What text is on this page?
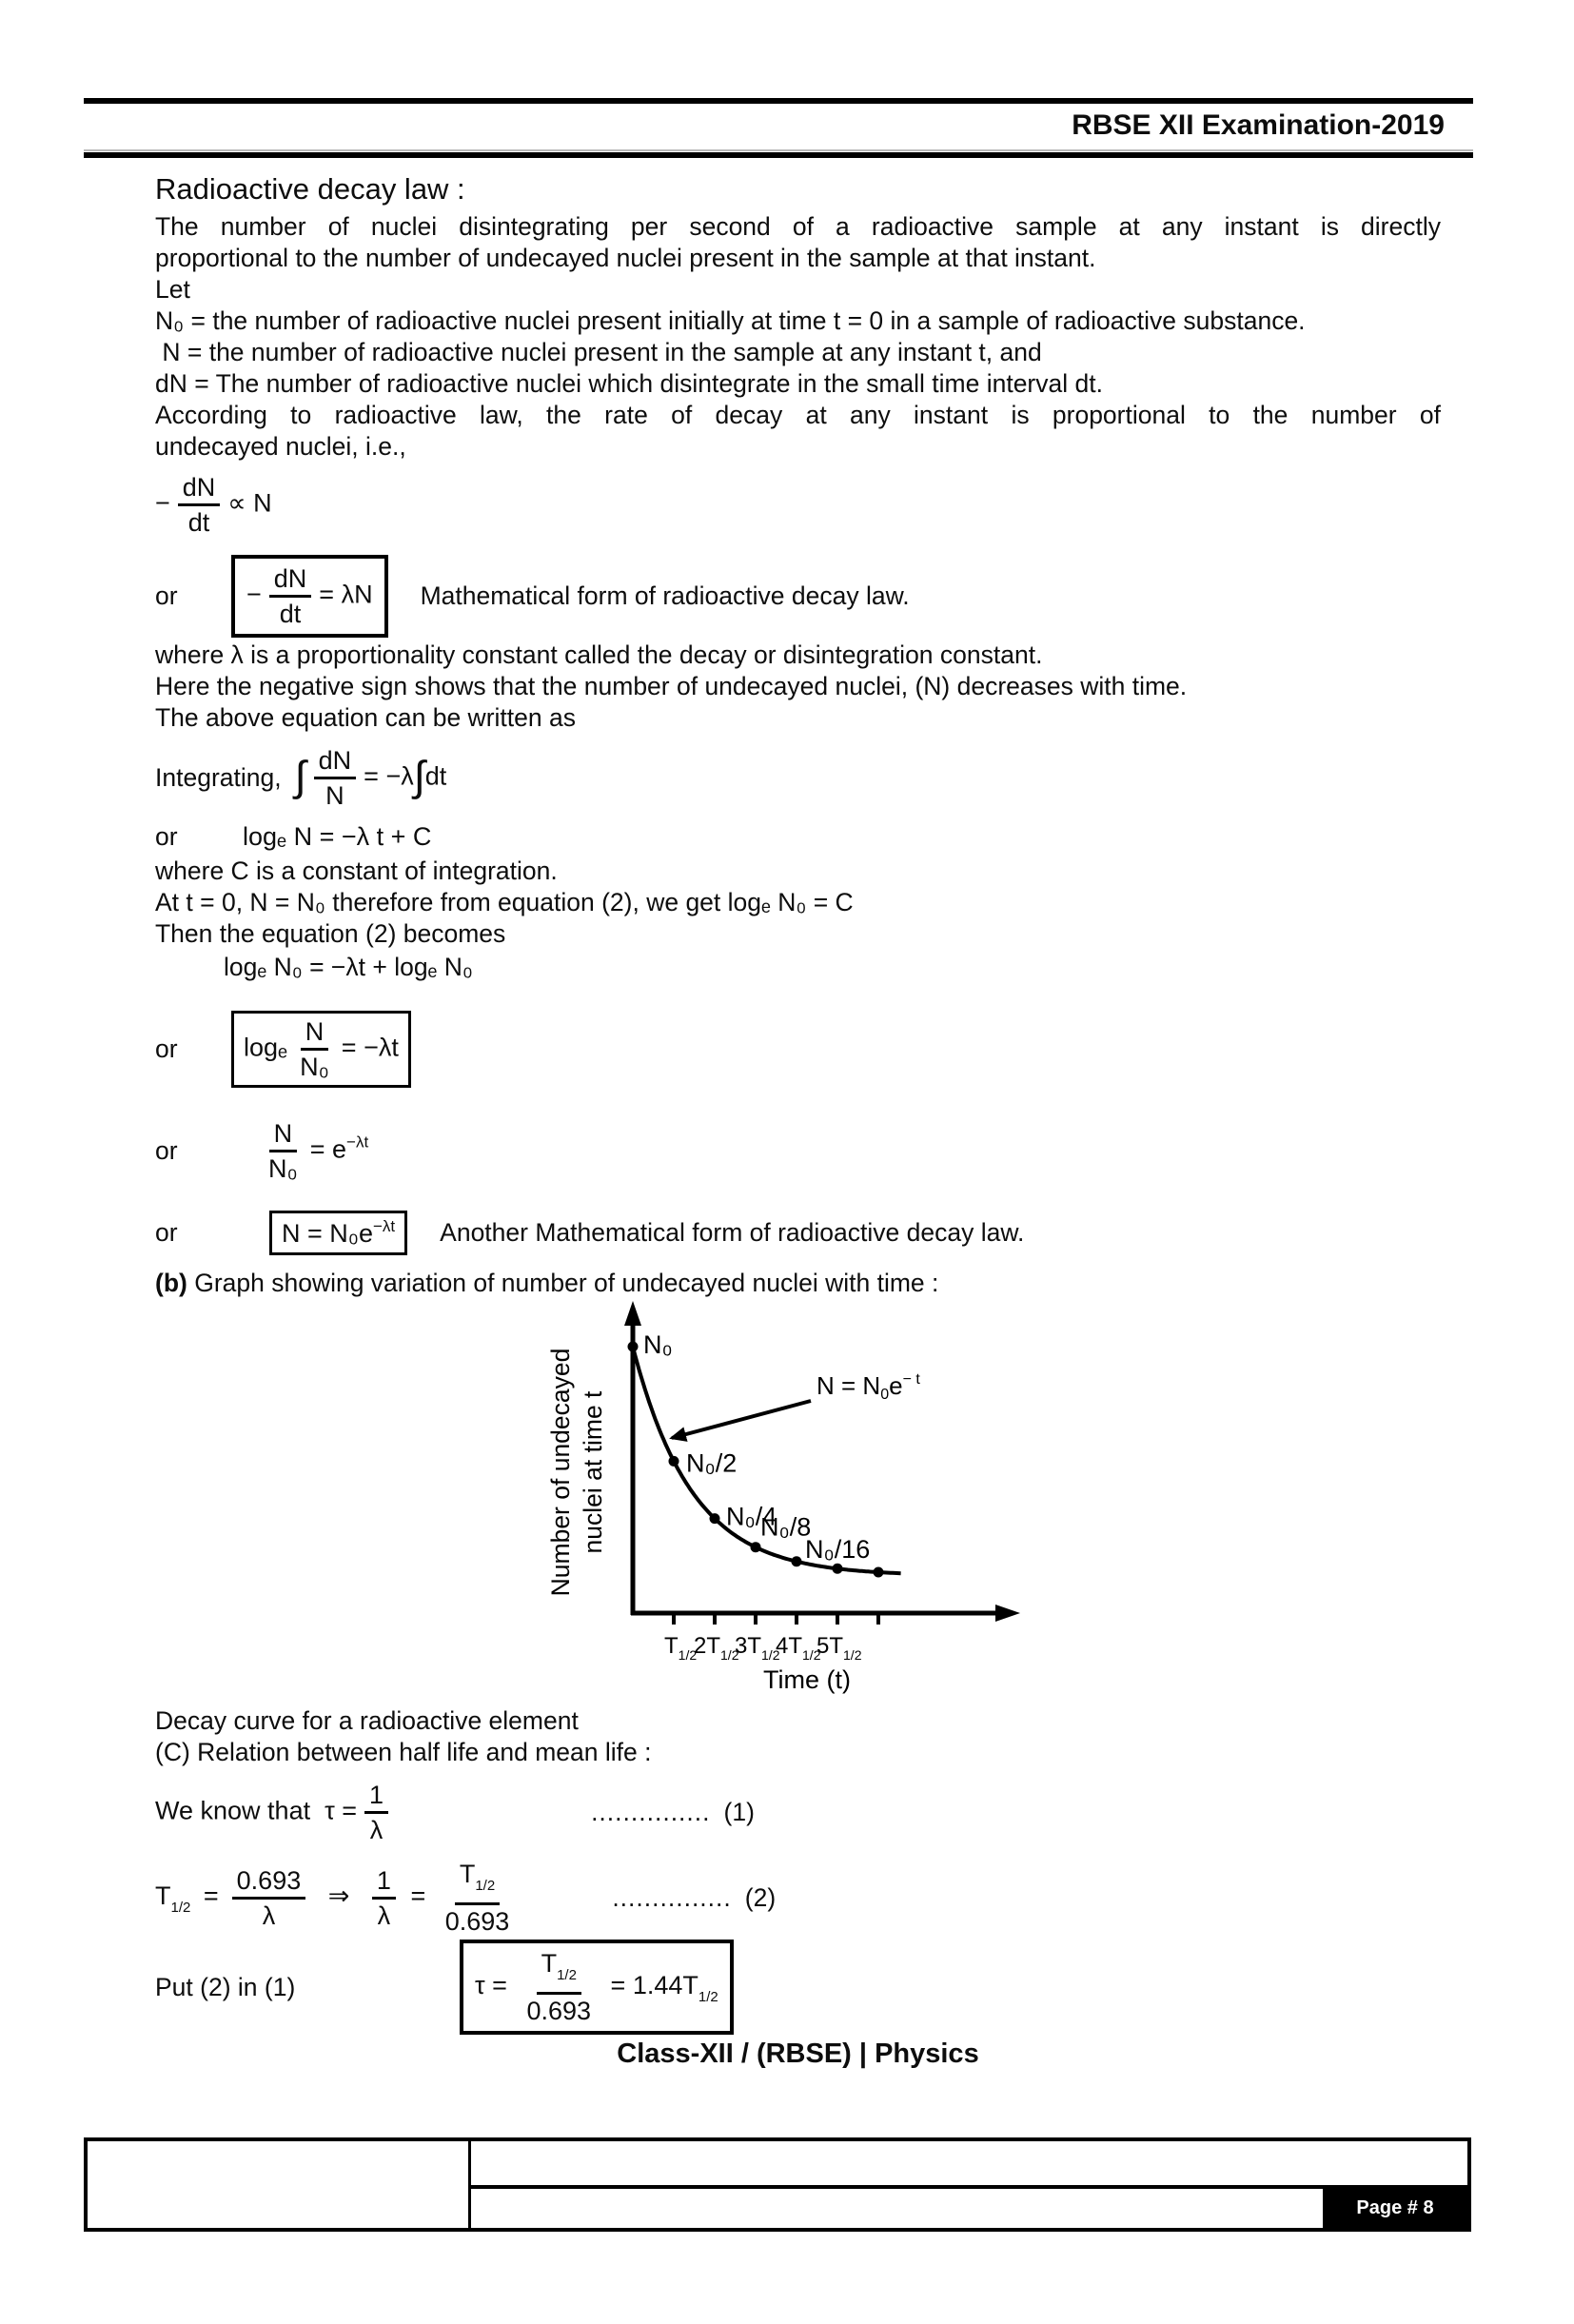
RBSE XII Examination-2019

Radioactive decay law :

The number of nuclei disintegrating per second of a radioactive sample at any instant is directly

proportional to the number of undecayed nuclei present in the sample at that instant.

Let

N₀ = the number of radioactive nuclei present initially at time t = 0 in a sample of radioactive substance.

N = the number of radioactive nuclei present in the sample at any instant t, and

dN = The number of radioactive nuclei which disintegrate in the small time interval dt.

According to radioactive law, the rate of decay at any instant is proportional to the number of

undecayed nuclei, i.e.,

− $\frac{dN}{dt} \propto N$
or	− $\frac{dN}{dt} = \lambda N$ Mathematical form of radioactive decay law.

where λ is a proportionality constant called the decay or disintegration constant.

Here the negative sign shows that the number of undecayed nuclei, (N) decreases with time.

The above equation can be written as

Integrating, ∫ $\frac{dN}{N} = -\lambda\int dt$
or	logₑ N = −λ t + C

where C is a constant of integration.

At t = 0, N = N₀ therefore from equation (2), we get logₑ N₀ = C

Then the equation (2) becomes

logₑ N₀ = −λt + logₑ N₀

or	logₑ $\frac{N}{\text{N₀}} = -\lambda t$
or	$\frac{N}{\text{N₀}} = e^{-\lambda t}$
or	$N = N_0e^{-\lambda t}$ Another Mathematical form of radioactive decay law.

(b) Graph showing variation of number of undecayed nuclei with time :

$T_{1/2}$
$2T_{1/2}$
$3T_{1/2}$
$4T_{1/2}$
$5T_{1/2}$
Number of undecayed nuclei at time t
Time (t)
N₀
N₀/2
N₀/4
N₀/8
N₀/16
$N = N0e^{- t}$

Decay curve for a radioactive element

(C) Relation between half life and mean life :

We know that  $\tau = \frac{1}{\lambda}$	............... (1)
$T_{1/2} = \frac{0.693}{\lambda}$ ⇒ $\frac{1}{\lambda} = \frac{T_{1/2}}{0.693}$	............... (2)
Put (2) in (1)	$\tau = \frac{T_{1/2}}{0.693} = 1.44T_{1/2}$

Class-XII / (RBSE) | Physics

Page # 8
